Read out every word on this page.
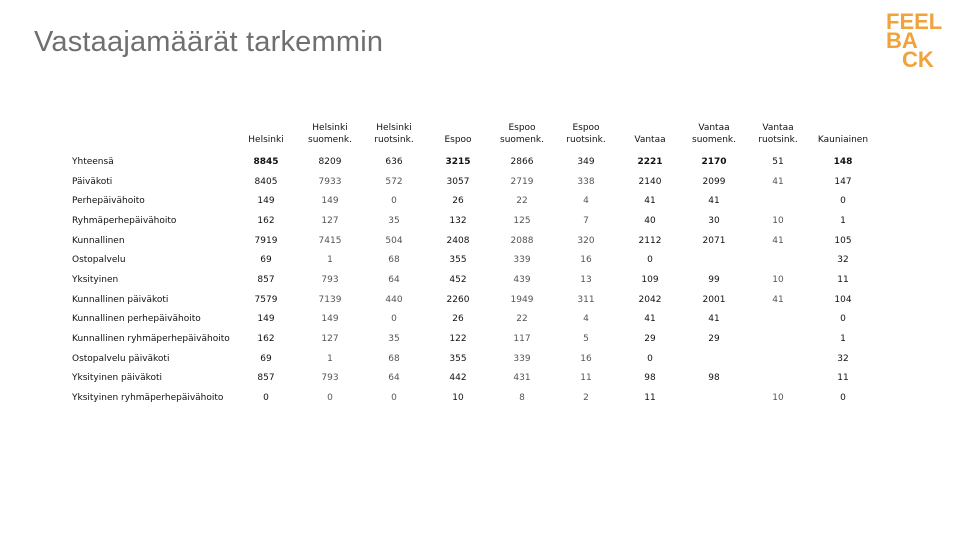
Vastaajamäärät tarkemmin
FEEL
BA
CK
	Helsinki	Helsinki suomenk.	Helsinki ruotsink.	Espoo	Espoo suomenk.	Espoo ruotsink.	Vantaa	Vantaa suomenk.	Vantaa ruotsink.	Kauniainen
Yhteensä	8845	8209	636	3215	2866	349	2221	2170	51	148
Päiväkoti	8405	7933	572	3057	2719	338	2140	2099	41	147
Perhepäivähoito	149	149	0	26	22	4	41	41		0
Ryhmäperhepäivähoito	162	127	35	132	125	7	40	30	10	1
Kunnallinen	7919	7415	504	2408	2088	320	2112	2071	41	105
Ostopalvelu	69	1	68	355	339	16	0			32
Yksityinen	857	793	64	452	439	13	109	99	10	11
Kunnallinen päiväkoti	7579	7139	440	2260	1949	311	2042	2001	41	104
Kunnallinen perhepäivähoito	149	149	0	26	22	4	41	41		0
Kunnallinen ryhmäperhepäivähoito	162	127	35	122	117	5	29	29		1
Ostopalvelu päiväkoti	69	1	68	355	339	16	0			32
Yksityinen päiväkoti	857	793	64	442	431	11	98	98		11
Yksityinen ryhmäperhepäivähoito	0	0	0	10	8	2	11		10	0
